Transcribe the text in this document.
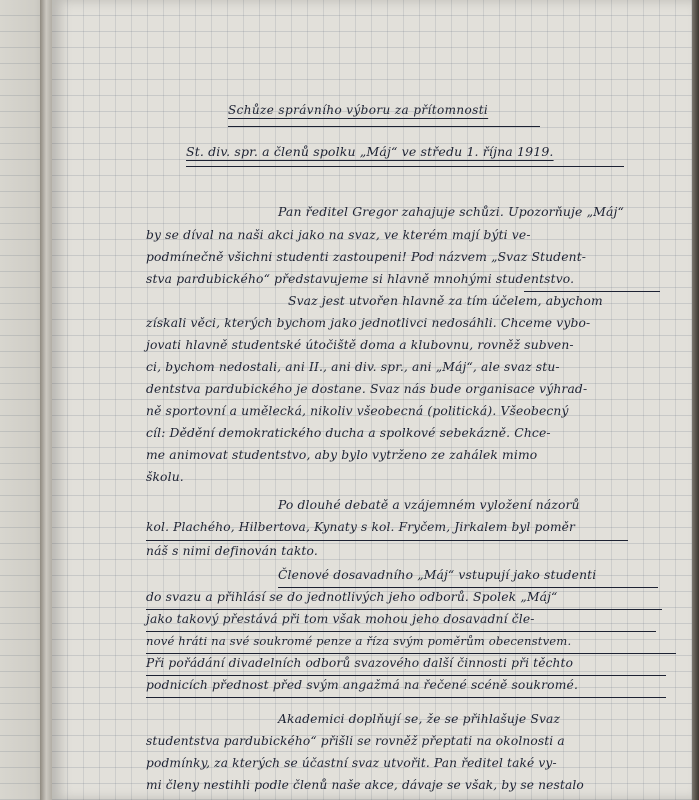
Schůze správního výboru za přítomnosti
St. div. spr. a členů spolku „Máj“ ve středu 1. října 1919.
Pan ředitel Gregor zahajuje schůzi. Upozorňuje „Máj“
by se díval na naši akci jako na svaz, ve kterém mají býti ve-
podmínečně všichni studenti zastoupeni! Pod názvem „Svaz Student-
stva pardubického“ představujeme si hlavně mnohými studentstvo.
Svaz jest utvořen hlavně za tím účelem, abychom
získali věci, kterých bychom jako jednotlivci nedosáhli. Chceme vybo-
jovati hlavně studentské útočiště doma a klubovnu, rovněž subven-
ci, bychom nedostali, ani II., ani div. spr., ani „Máj“, ale svaz stu-
dentstva pardubického je dostane. Svaz nás bude organisace výhrad-
ně sportovní a umělecká, nikoliv všeobecná (politická). Všeobecný
cíl: Dědění demokratického ducha a spolkové sebekázně. Chce-
me animovat studentstvo, aby bylo vytrženo ze zahálek mimo
školu.
Po dlouhé debatě a vzájemném vyložení názorů
kol. Plachého, Hilbertova, Kynaty s kol. Fryčem, Jirkalem byl poměr
náš s nimi definován takto.
Členové dosavadního „Máj“ vstupují jako studenti
do svazu a přihlásí se do jednotlivých jeho odborů. Spolek „Máj“
jako takový přestává při tom však mohou jeho dosavadní čle-
nové hráti na své soukromé penze a říza svým poměrům obecenstvem.
Při pořádání divadelních odborů svazového další činnosti při těchto
podnicích přednost před svým angažmá na řečené scéně soukromé.
Akademici doplňují se, že se přihlašuje Svaz
studentstva pardubického“ přišli se rovněž přeptati na okolnosti a
podmínky, za kterých se účastní svaz utvořit. Pan ředitel také vy-
mi členy nestihli podle členů naše akce, dávaje se však, by se nestalo
